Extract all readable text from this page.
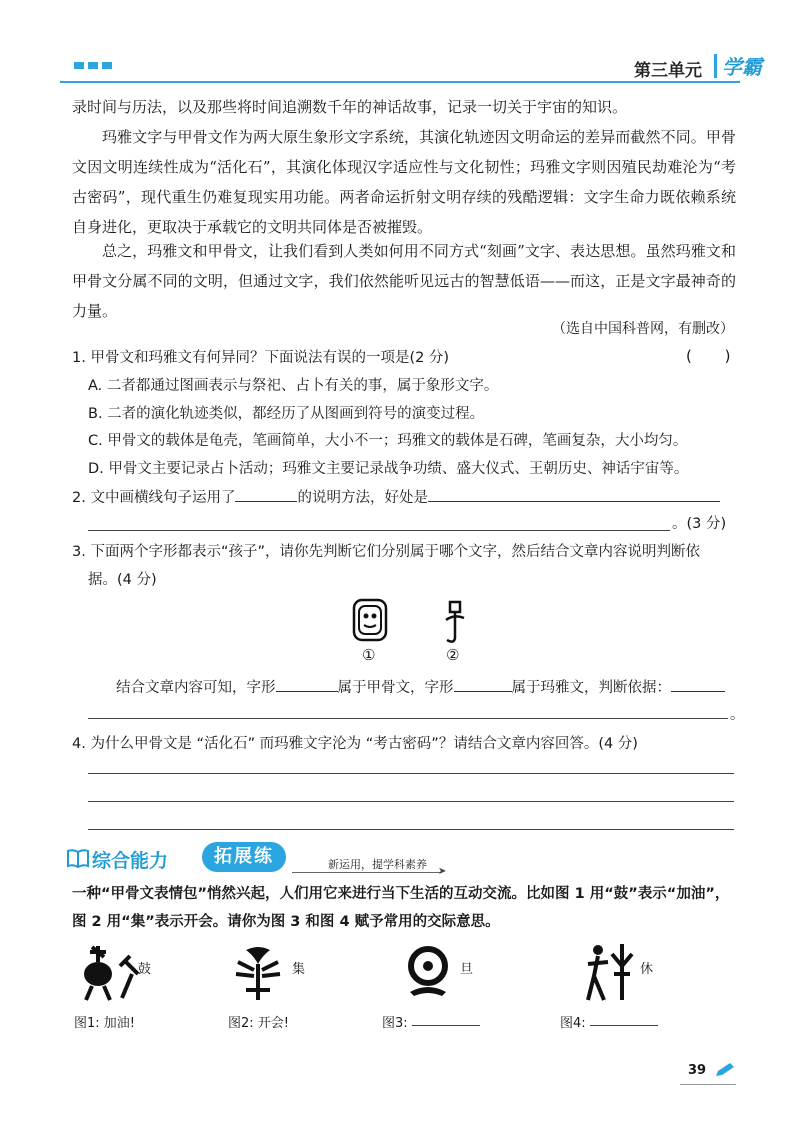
第三单元 学霸

录时间与历法，以及那些将时间追溯数千年的神话故事，记录一切关于宇宙的知识。

玛雅文字与甲骨文作为两大原生象形文字系统，其演化轨迹因文明命运的差异而截然不同。甲骨文因文明连续性成为“活化石”，其演化体现汉字适应性与文化韧性；玛雅文字则因殖民劫难沦为“考古密码”，现代重生仍难复现实用功能。两者命运折射文明存续的残酷逻辑：文字生命力既依赖系统自身进化，更取决于承载它的文明共同体是否被摧毁。

总之，玛雅文和甲骨文，让我们看到人类如何用不同方式“刻画”文字、表达思想。虽然玛雅文和甲骨文分属不同的文明，但通过文字，我们依然能听见远古的智慧低语——而这，正是文字最神奇的力量。

（选自中国科普网，有删改）
1. 甲骨文和玛雅文有何异同？下面说法有误的一项是(2 分)	( )
A. 二者都通过图画表示与祭祀、占卜有关的事，属于象形文字。
B. 二者的演化轨迹类似，都经历了从图画到符号的演变过程。
C. 甲骨文的载体是龟壳，笔画简单，大小不一；玛雅文的载体是石碑，笔画复杂，大小均匀。
D. 甲骨文主要记录占卜活动；玛雅文主要记录战争功绩、盛大仪式、王朝历史、神话宇宙等。
2. 文中画横线句子运用了	的说明方法，好处是
。(3 分)
3. 下面两个字形都表示“孩子”，请你先判断它们分别属于哪个文字，然后结合文章内容说明判断依
据。(4 分)
①	②
结合文章内容可知，字形	属于甲骨文，字形	属于玛雅文，判断依据：
。
4. 为什么甲骨文是 “活化石” 而玛雅文字沦为 “考古密码”？请结合文章内容回答。(4 分)
综合能力	拓展练	新运用，提学科素养
➤

一种“甲骨文表情包”悄然兴起，人们用它来进行当下生活的互动交流。比如图 1 用“鼓”表示“加油”，图 2 用“集”表示开会。请你为图 3 和图 4 赋予常用的交际意思。

鼓	集	旦	休
图1: 加油!	图2: 开会!	图3:	图4:
39
